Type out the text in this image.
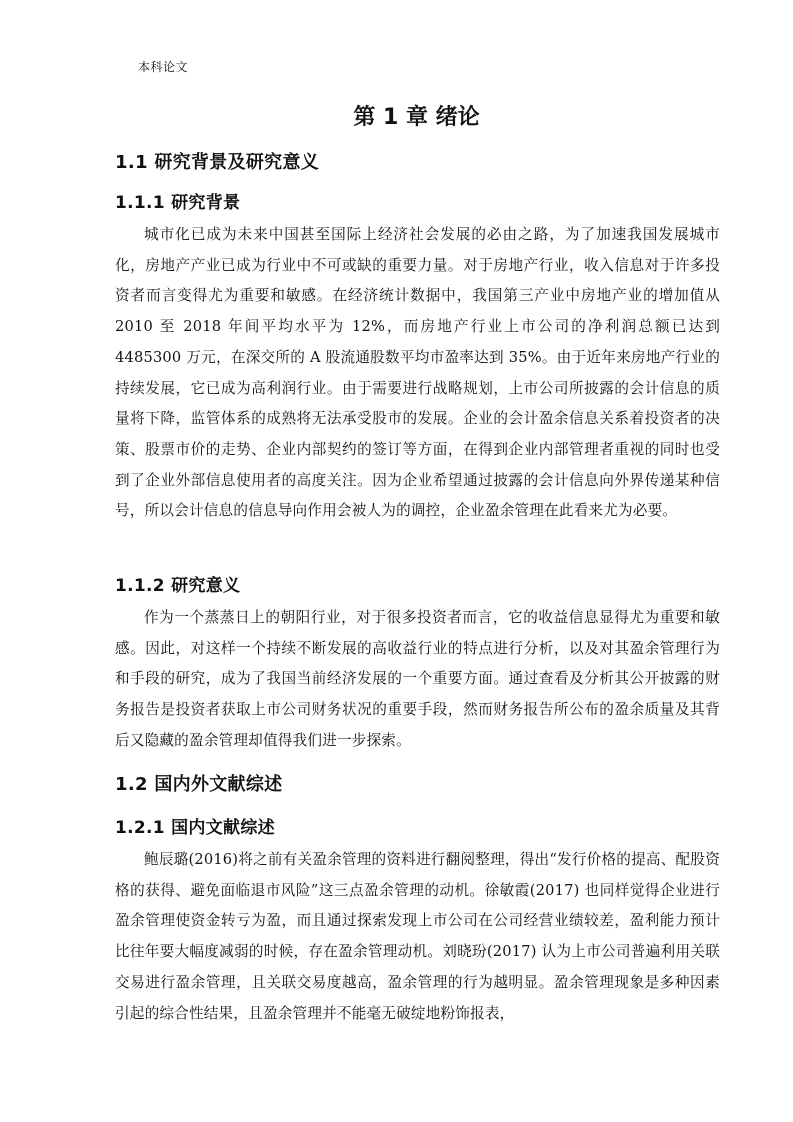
本科论文
第 1 章 绪论
1.1 研究背景及研究意义
1.1.1 研究背景

城市化已成为未来中国甚至国际上经济社会发展的必由之路，为了加速我国发展城市化，房地产产业已成为行业中不可或缺的重要力量。对于房地产行业，收入信息对于许多投资者而言变得尤为重要和敏感。在经济统计数据中，我国第三产业中房地产业的增加值从 2010 至 2018 年间平均水平为 12%，而房地产行业上市公司的净利润总额已达到 4485300 万元，在深交所的 A 股流通股数平均市盈率达到 35%。由于近年来房地产行业的持续发展，它已成为高利润行业。由于需要进行战略规划，上市公司所披露的会计信息的质量将下降，监管体系的成熟将无法承受股市的发展。企业的会计盈余信息关系着投资者的决策、股票市价的走势、企业内部契约的签订等方面，在得到企业内部管理者重视的同时也受到了企业外部信息使用者的高度关注。因为企业希望通过披露的会计信息向外界传递某种信号，所以会计信息的信息导向作用会被人为的调控，企业盈余管理在此看来尤为必要。

1.1.2 研究意义

作为一个蒸蒸日上的朝阳行业，对于很多投资者而言，它的收益信息显得尤为重要和敏感。因此，对这样一个持续不断发展的高收益行业的特点进行分析，以及对其盈余管理行为和手段的研究，成为了我国当前经济发展的一个重要方面。通过查看及分析其公开披露的财务报告是投资者获取上市公司财务状况的重要手段，然而财务报告所公布的盈余质量及其背后又隐藏的盈余管理却值得我们进一步探索。

1.2 国内外文献综述
1.2.1 国内文献综述

鲍辰璐(2016)将之前有关盈余管理的资料进行翻阅整理，得出“发行价格的提高、配股资格的获得、避免面临退市风险”这三点盈余管理的动机。徐敏霞(2017) 也同样觉得企业进行盈余管理使资金转亏为盈，而且通过探索发现上市公司在公司经营业绩较差，盈利能力预计比往年要大幅度减弱的时候，存在盈余管理动机。刘晓玢(2017) 认为上市公司普遍利用关联交易进行盈余管理，且关联交易度越高，盈余管理的行为越明显。盈余管理现象是多种因素引起的综合性结果，且盈余管理并不能毫无破绽地粉饰报表，
